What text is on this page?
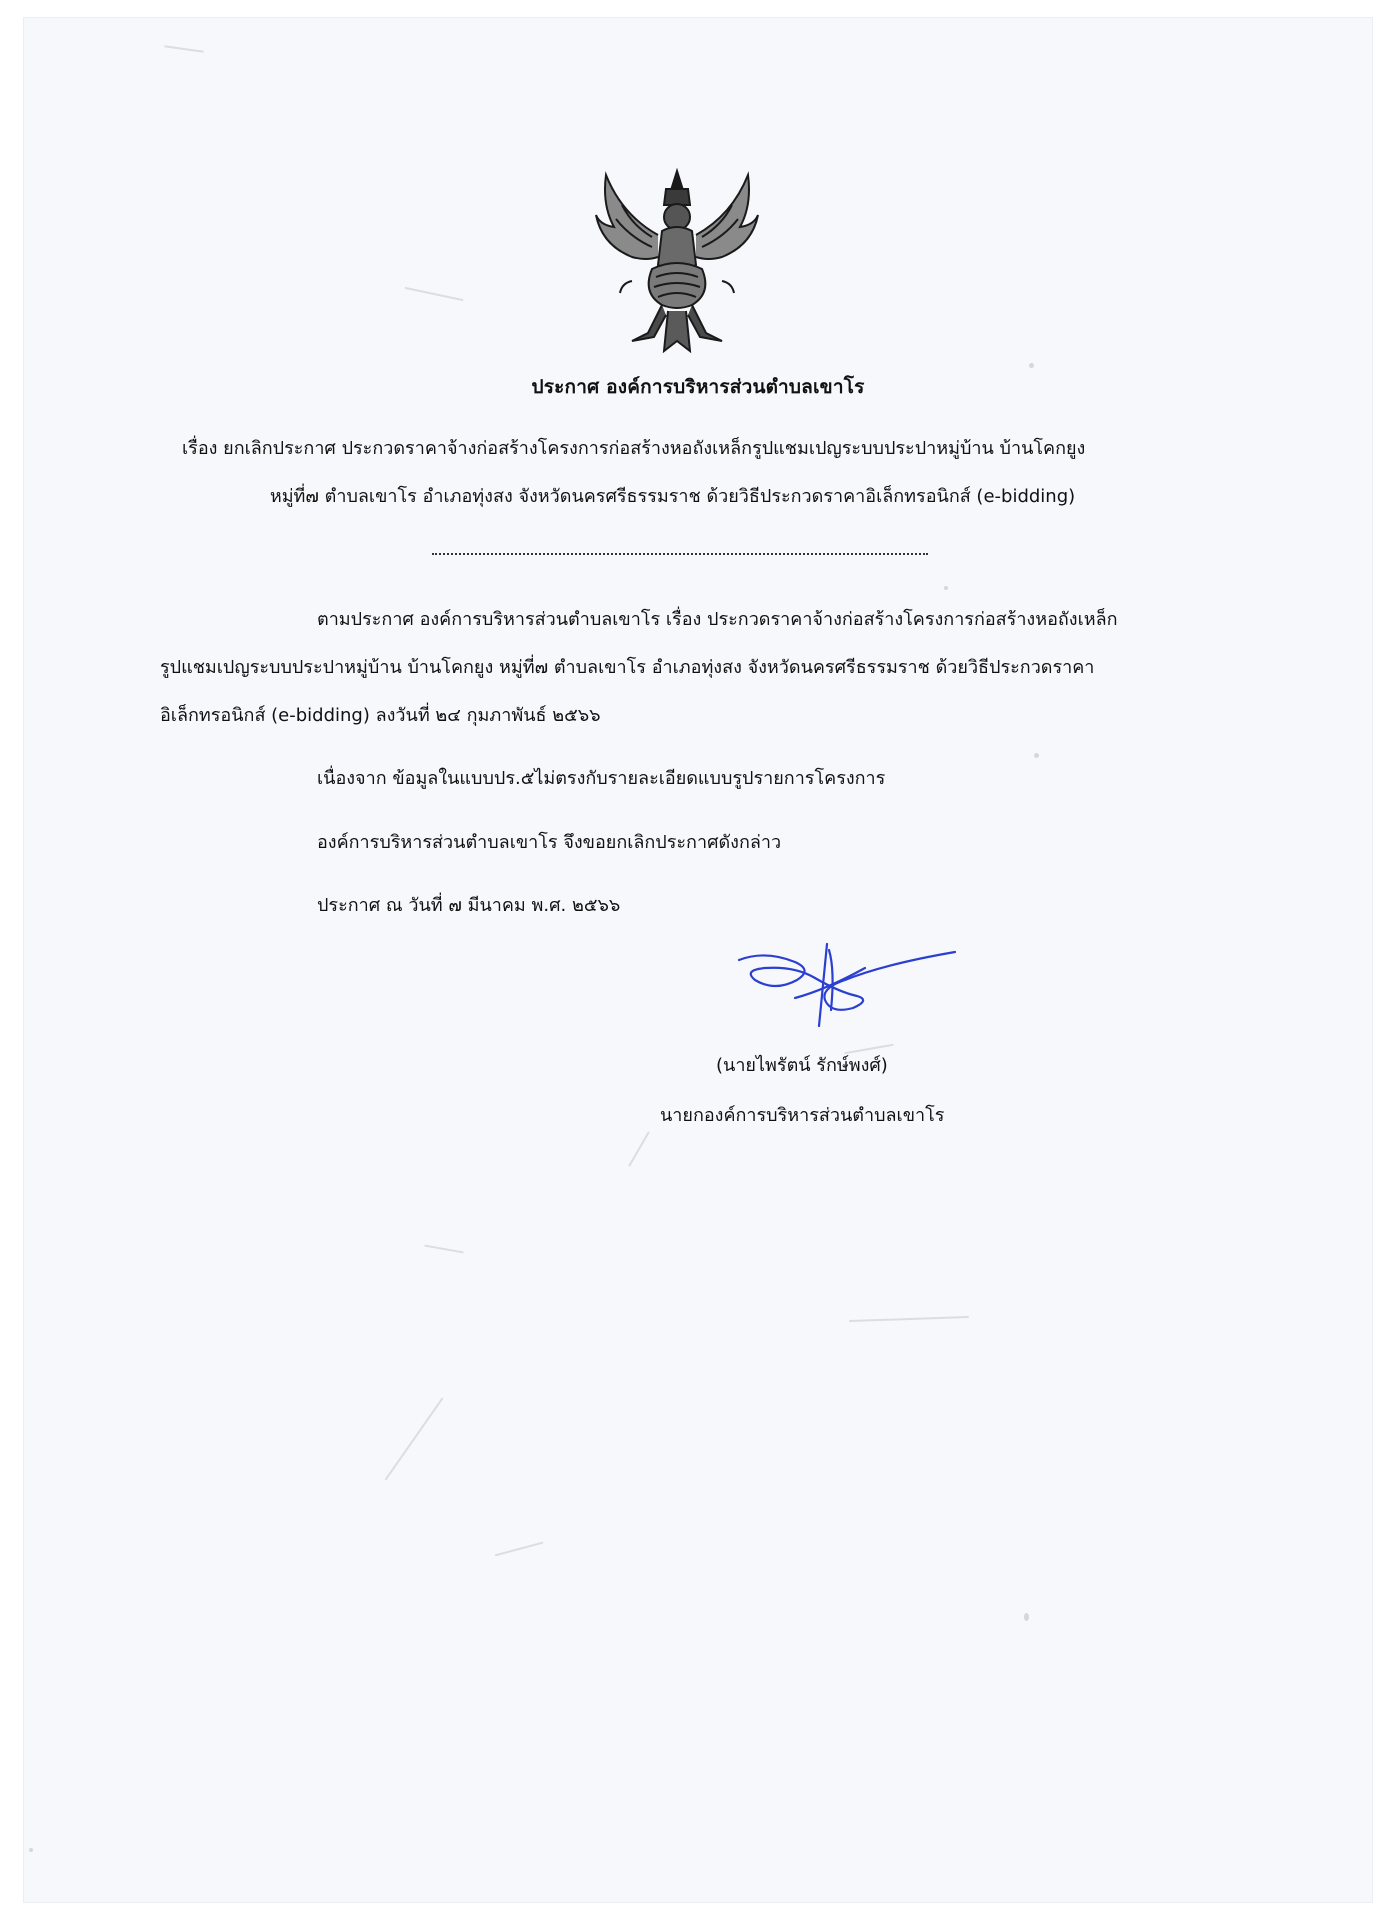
ประกาศ องค์การบริหารส่วนตำบลเขาโร
เรื่อง ยกเลิกประกาศ ประกวดราคาจ้างก่อสร้างโครงการก่อสร้างหอถังเหล็กรูปแชมเปญระบบประปาหมู่บ้าน บ้านโคกยูง
หมู่ที่๗ ตำบลเขาโร อำเภอทุ่งสง จังหวัดนครศรีธรรมราช ด้วยวิธีประกวดราคาอิเล็กทรอนิกส์ (e-bidding)
ตามประกาศ องค์การบริหารส่วนตำบลเขาโร เรื่อง ประกวดราคาจ้างก่อสร้างโครงการก่อสร้างหอถังเหล็ก
รูปแชมเปญระบบประปาหมู่บ้าน บ้านโคกยูง หมู่ที่๗ ตำบลเขาโร อำเภอทุ่งสง จังหวัดนครศรีธรรมราช ด้วยวิธีประกวดราคา
อิเล็กทรอนิกส์ (e-bidding) ลงวันที่ ๒๔ กุมภาพันธ์ ๒๕๖๖
เนื่องจาก ข้อมูลในแบบปร.๕ไม่ตรงกับรายละเอียดแบบรูปรายการโครงการ
องค์การบริหารส่วนตำบลเขาโร จึงขอยกเลิกประกาศดังกล่าว
ประกาศ ณ วันที่ ๗ มีนาคม พ.ศ. ๒๕๖๖
(นายไพรัตน์ รักษ์พงศ์)
นายกองค์การบริหารส่วนตำบลเขาโร
